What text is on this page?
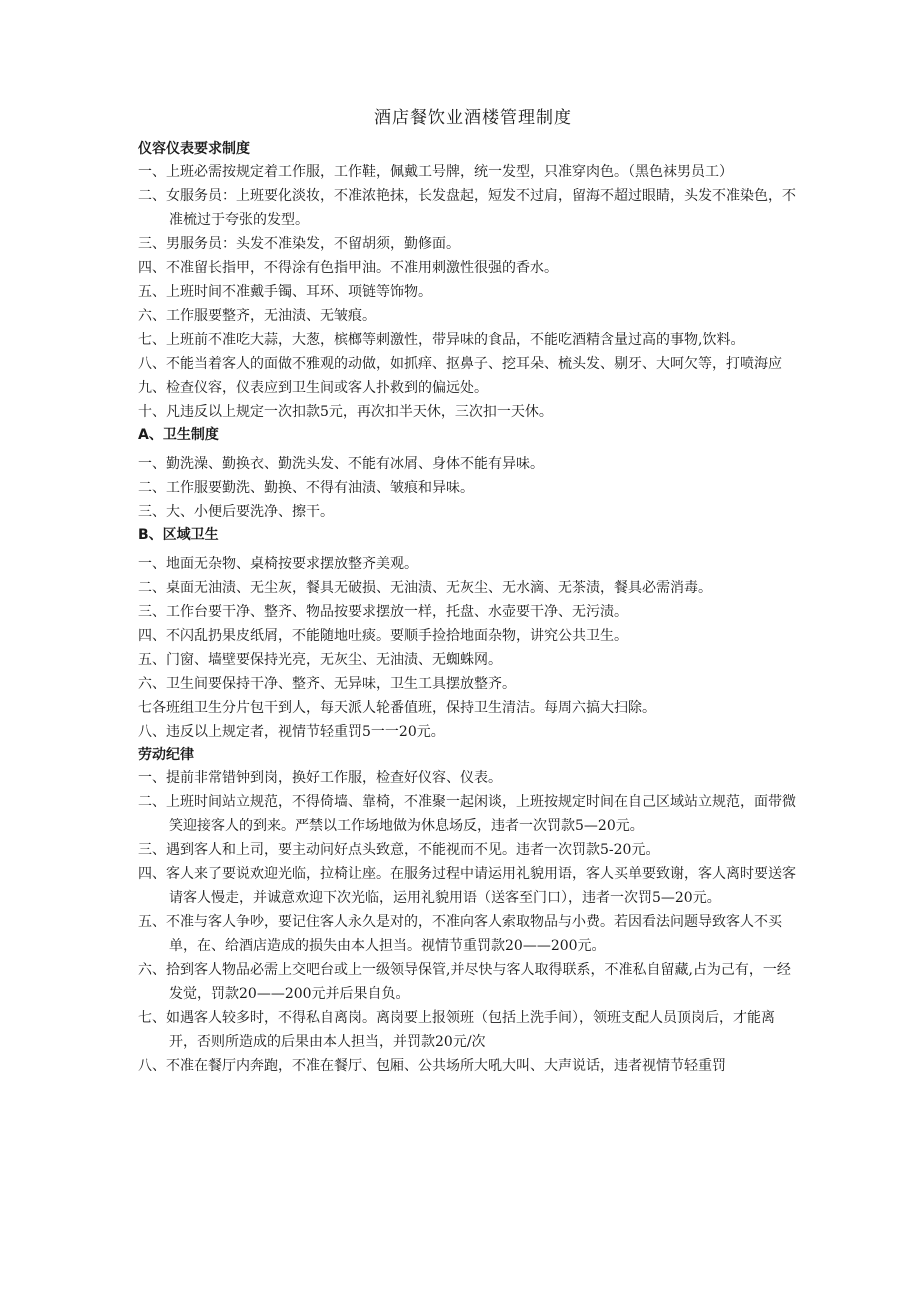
酒店餐饮业酒楼管理制度
仪容仪表要求制度
一、上班必需按规定着工作服，工作鞋，佩戴工号牌，统一发型，只准穿肉色。（黑色袜男员工）
二、女服务员：上班要化淡妆，不准浓艳抹，长发盘起，短发不过肩，留海不超过眼睛，头发不准染色，不准梳过于夸张的发型。
三、男服务员：头发不准染发，不留胡须，勤修面。
四、不准留长指甲，不得涂有色指甲油。不准用刺激性很强的香水。
五、上班时间不准戴手镯、耳环、项链等饰物。
六、工作服要整齐，无油渍、无皱痕。
七、上班前不准吃大蒜，大葱，槟榔等刺激性，带异味的食品，不能吃酒精含量过高的事物,饮料。
八、不能当着客人的面做不雅观的动做，如抓痒、抠鼻子、挖耳朵、梳头发、剔牙、大呵欠等，打喷海应
九、检查仪容，仪表应到卫生间或客人扑救到的偏远处。
十、凡违反以上规定一次扣款5元，再次扣半天休，三次扣一天休。
A、卫生制度
一、勤洗澡、勤换衣、勤洗头发、不能有冰屑、身体不能有异味。
二、工作服要勤洗、勤换、不得有油渍、皱痕和异味。
三、大、小便后要洗净、擦干。
B、区域卫生
一、地面无杂物、桌椅按要求摆放整齐美观。
二、桌面无油渍、无尘灰，餐具无破损、无油渍、无灰尘、无水滴、无茶渍，餐具必需消毒。
三、工作台要干净、整齐、物品按要求摆放一样，托盘、水壶要干净、无污渍。
四、不闪乱扔果皮纸屑，不能随地吐痰。要顺手捡拾地面杂物，讲究公共卫生。
五、门窗、墙壁要保持光亮，无灰尘、无油渍、无蜘蛛网。
六、卫生间要保持干净、整齐、无异味，卫生工具摆放整齐。
七各班组卫生分片包干到人，每天派人轮番值班，保持卫生清洁。每周六搞大扫除。
八、违反以上规定者，视情节轻重罚5一一20元。
劳动纪律
一、提前非常错钟到岗，换好工作服，检查好仪容、仪表。
二、上班时间站立规范，不得倚墙、靠椅，不准聚一起闲谈，上班按规定时间在自己区域站立规范，面带微笑迎接客人的到来。严禁以工作场地做为休息场反，违者一次罚款5—20元。
三、遇到客人和上司，要主动问好点头致意，不能视而不见。违者一次罚款5-20元。
四、客人来了要说欢迎光临，拉椅让座。在服务过程中请运用礼貌用语，客人买单要致谢，客人离时要送客请客人慢走，并诚意欢迎下次光临，运用礼貌用语（送客至门口），违者一次罚5—20元。
五、不准与客人争吵，要记住客人永久是对的，不准向客人索取物品与小费。若因看法问题导致客人不买单，在、给酒店造成的损失由本人担当。视情节重罚款20——200元。
六、拾到客人物品必需上交吧台或上一级领导保管,并尽快与客人取得联系，不准私自留藏,占为己有，一经发觉，罚款20——200元并后果自负。
七、如遇客人较多时，不得私自离岗。离岗要上报领班（包括上洗手间），领班支配人员顶岗后，才能离开，否则所造成的后果由本人担当，并罚款20元/次
八、不准在餐厅内奔跑，不准在餐厅、包厢、公共场所大吼大叫、大声说话，违者视情节轻重罚
